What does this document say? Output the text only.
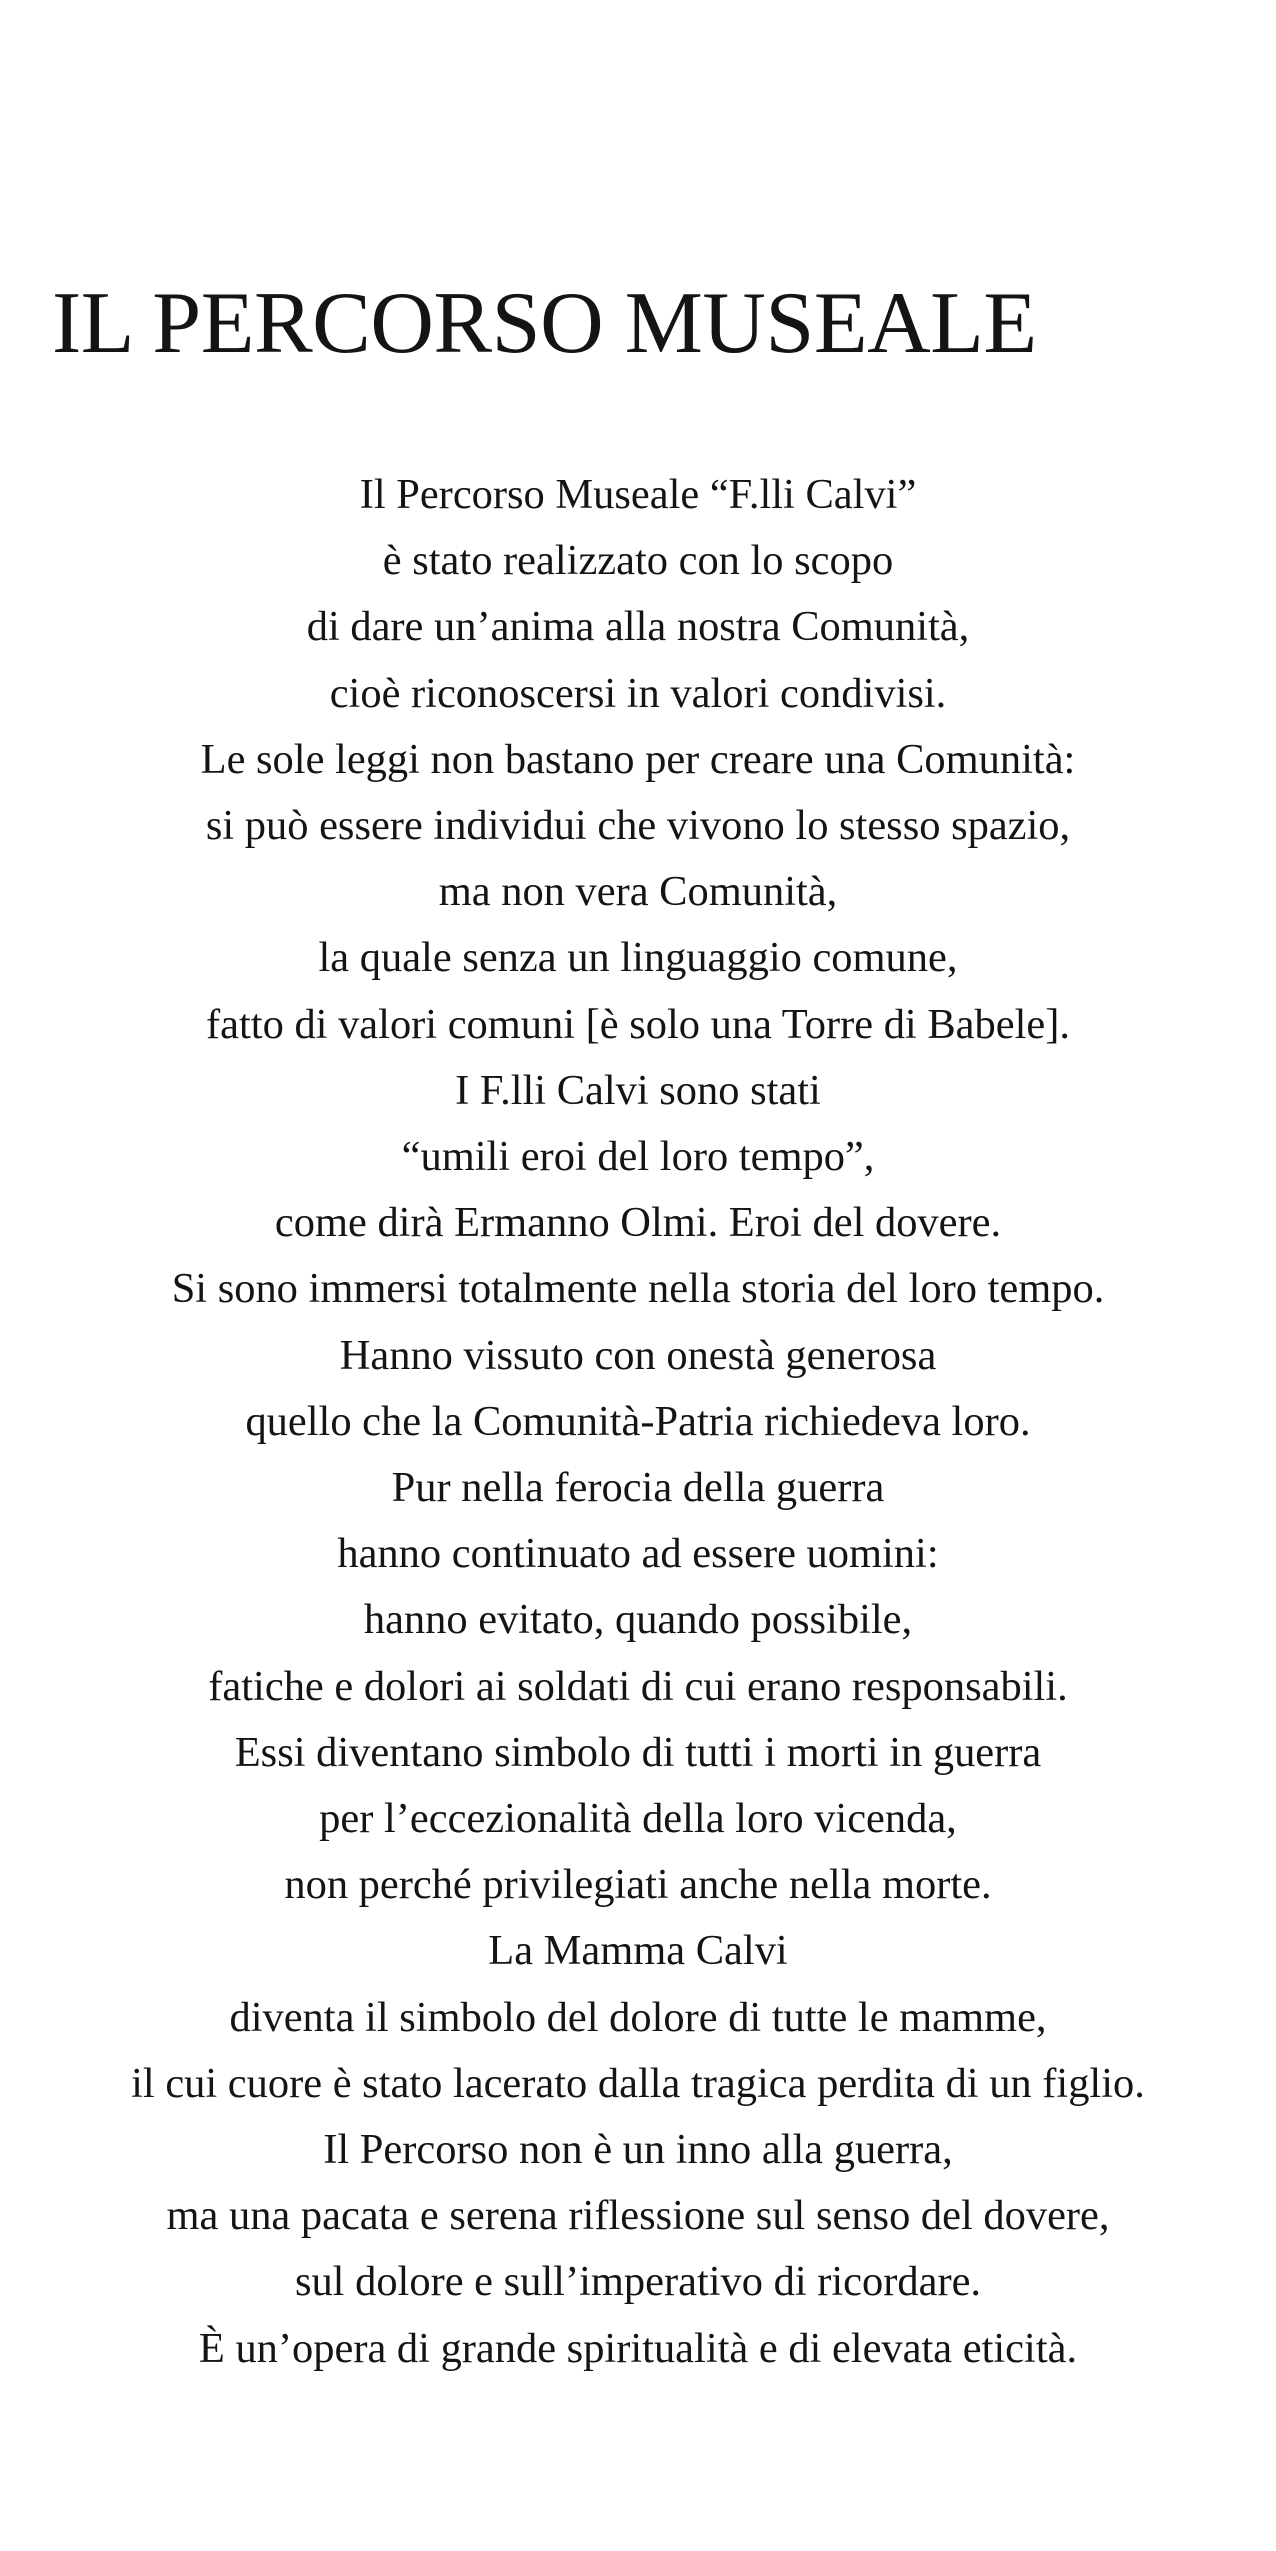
IL PERCORSO MUSEALE
Il Percorso Museale “F.lli Calvi”
è stato realizzato con lo scopo
di dare un’anima alla nostra Comunità,
cioè riconoscersi in valori condivisi.
Le sole leggi non bastano per creare una Comunità:
si può essere individui che vivono lo stesso spazio,
ma non vera Comunità,
la quale senza un linguaggio comune,
fatto di valori comuni [è solo una Torre di Babele].
I F.lli Calvi sono stati
“umili eroi del loro tempo”,
come dirà Ermanno Olmi. Eroi del dovere.
Si sono immersi totalmente nella storia del loro tempo.
Hanno vissuto con onestà generosa
quello che la Comunità-Patria richiedeva loro.
Pur nella ferocia della guerra
hanno continuato ad essere uomini:
hanno evitato, quando possibile,
fatiche e dolori ai soldati di cui erano responsabili.
Essi diventano simbolo di tutti i morti in guerra
per l’eccezionalità della loro vicenda,
non perché privilegiati anche nella morte.
La Mamma Calvi
diventa il simbolo del dolore di tutte le mamme,
il cui cuore è stato lacerato dalla tragica perdita di un figlio.
Il Percorso non è un inno alla guerra,
ma una pacata e serena riflessione sul senso del dovere,
sul dolore e sull’imperativo di ricordare.
È un’opera di grande spiritualità e di elevata eticità.
